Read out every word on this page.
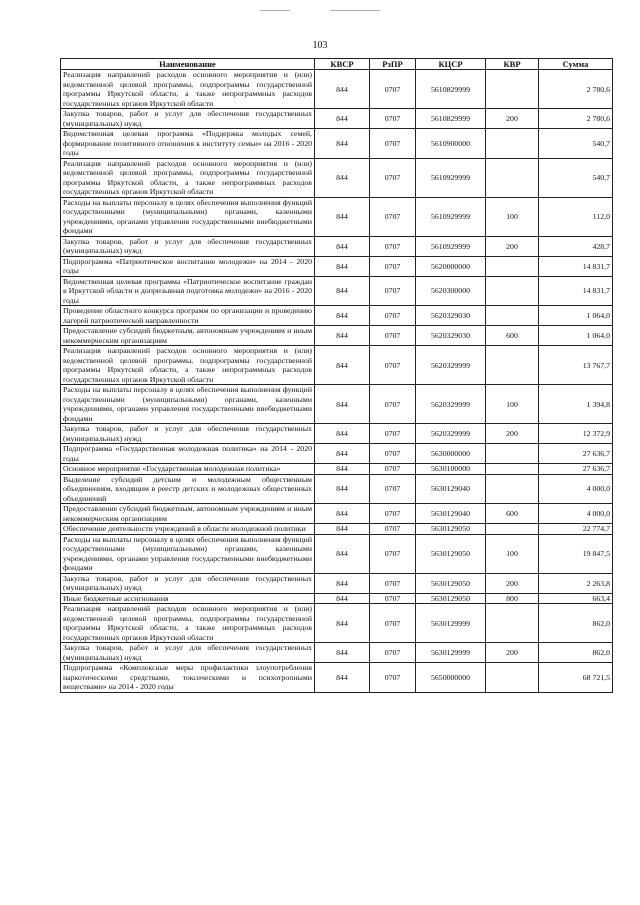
103
Наименование	КВСР	РзПР	КЦСР	КВР	Сумма
Реализация направлений расходов основного мероприятия и (или) ведомственной целевой программы, подпрограммы государственной программы Иркутской области, а также непрограммных расходов государственных органов Иркутской области	844	0707	5610829999		2 780,6
Закупка товаров, работ и услуг для обеспечения государственных (муниципальных) нужд	844	0707	5610829999	200	2 780,6
Ведомственная целевая программа «Поддержка молодых семей, формирование позитивного отношения к институту семьи» на 2016 - 2020 годы	844	0707	5610900000		540,7
Реализация направлений расходов основного мероприятия и (или) ведомственной целевой программы, подпрограммы государственной программы Иркутской области, а также непрограммных расходов государственных органов Иркутской области	844	0707	5610929999		540,7
Расходы на выплаты персоналу в целях обеспечения выполнения функций государственными (муниципальными) органами, казенными учреждениями, органами управления государственными внебюджетными фондами	844	0707	5610929999	100	112,0
Закупка товаров, работ и услуг для обеспечения государственных (муниципальных) нужд	844	0707	5610929999	200	428,7
Подпрограмма «Патриотическое воспитание молодежи» на 2014 - 2020 годы	844	0707	5620000000		14 831,7
Ведомственная целевая программа «Патриотическое воспитание граждан в Иркутской области и допризывная подготовка молодежи» на 2016 - 2020 годы	844	0707	5620300000		14 831,7
Проведение областного конкурса программ по организации и проведению лагерей патриотической направленности	844	0707	5620329030		1 064,0
Предоставление субсидий бюджетным, автономным учреждениям и иным некоммерческим организациям	844	0707	5620329030	600	1 064,0
Реализация направлений расходов основного мероприятия и (или) ведомственной целевой программы, подпрограммы государственной программы Иркутской области, а также непрограммных расходов государственных органов Иркутской области	844	0707	5620329999		13 767,7
Расходы на выплаты персоналу в целях обеспечения выполнения функций государственными (муниципальными) органами, казенными учреждениями, органами управления государственными внебюджетными фондами	844	0707	5620329999	100	1 394,8
Закупка товаров, работ и услуг для обеспечения государственных (муниципальных) нужд	844	0707	5620329999	200	12 372,9
Подпрограмма «Государственная молодежная политика» на 2014 - 2020 годы	844	0707	5630000000		27 636,7
Основное мероприятие «Государственная молодежная политика»	844	0707	5630100000		27 636,7
Выделение субсидий детским и молодежным общественным объединениям, входящим в реестр детских и молодежных общественных объединений	844	0707	5630129040		4 000,0
Предоставление субсидий бюджетным, автономным учреждениям и иным некоммерческим организациям	844	0707	5630129040	600	4 000,0
Обеспечение деятельности учреждений в области молодежной политики	844	0707	5630129050		22 774,7
Расходы на выплаты персоналу в целях обеспечения выполнения функций государственными (муниципальными) органами, казенными учреждениями, органами управления государственными внебюджетными фондами	844	0707	5630129050	100	19 847,5
Закупка товаров, работ и услуг для обеспечения государственных (муниципальных) нужд	844	0707	5630129050	200	2 263,8
Иные бюджетные ассигнования	844	0707	5630129050	800	663,4
Реализация направлений расходов основного мероприятия и (или) ведомственной целевой программы, подпрограммы государственной программы Иркутской области, а также непрограммных расходов государственных органов Иркутской области	844	0707	5630129999		862,0
Закупка товаров, работ и услуг для обеспечения государственных (муниципальных) нужд	844	0707	5630129999	200	862,0
Подпрограмма «Комплексные меры профилактики злоупотребления наркотическими средствами, токсическими и психотропными веществами» на 2014 - 2020 годы	844	0707	5650000000		68 721,5
